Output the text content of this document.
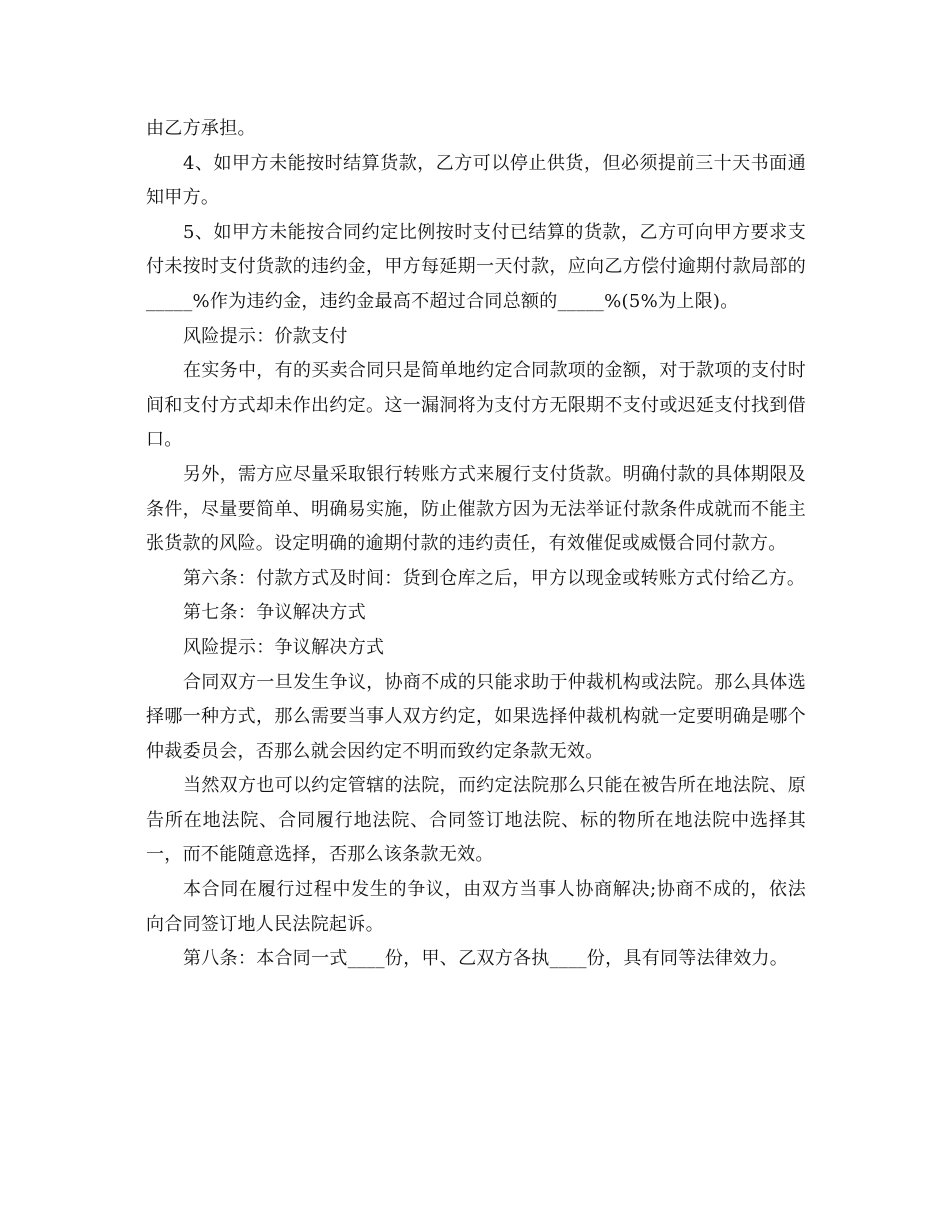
由乙方承担。

4、如甲方未能按时结算货款，乙方可以停止供货，但必须提前三十天书面通知甲方。

5、如甲方未能按合同约定比例按时支付已结算的货款，乙方可向甲方要求支付未按时支付货款的违约金，甲方每延期一天付款，应向乙方偿付逾期付款局部的_____%作为违约金，违约金最高不超过合同总额的_____%(5%为上限)。

风险提示：价款支付

在实务中，有的买卖合同只是简单地约定合同款项的金额，对于款项的支付时间和支付方式却未作出约定。这一漏洞将为支付方无限期不支付或迟延支付找到借口。

另外，需方应尽量采取银行转账方式来履行支付货款。明确付款的具体期限及条件，尽量要简单、明确易实施，防止催款方因为无法举证付款条件成就而不能主张货款的风险。设定明确的逾期付款的违约责任，有效催促或威慑合同付款方。

第六条：付款方式及时间：货到仓库之后，甲方以现金或转账方式付给乙方。

第七条：争议解决方式

风险提示：争议解决方式

合同双方一旦发生争议，协商不成的只能求助于仲裁机构或法院。那么具体选择哪一种方式，那么需要当事人双方约定，如果选择仲裁机构就一定要明确是哪个仲裁委员会，否那么就会因约定不明而致约定条款无效。

当然双方也可以约定管辖的法院，而约定法院那么只能在被告所在地法院、原告所在地法院、合同履行地法院、合同签订地法院、标的物所在地法院中选择其一，而不能随意选择，否那么该条款无效。

本合同在履行过程中发生的争议，由双方当事人协商解决;协商不成的，依法向合同签订地人民法院起诉。

第八条：本合同一式____份，甲、乙双方各执____份，具有同等法律效力。
